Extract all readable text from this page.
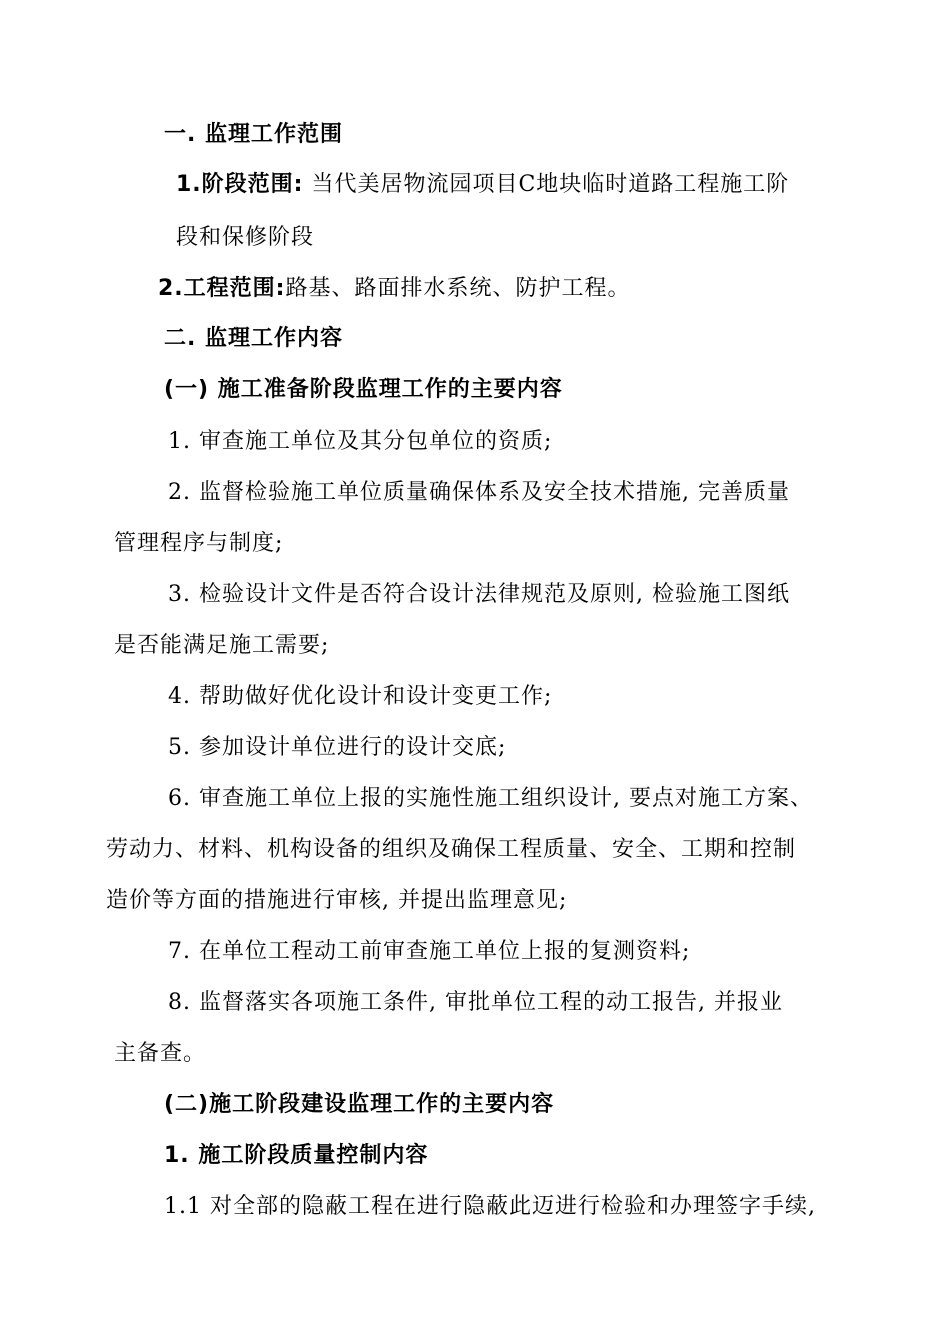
一. 监理工作范围
1.阶段范围: 当代美居物流园项目C地块临时道路工程施工阶
段和保修阶段
2.工程范围:路基、路面排水系统、防护工程。
二. 监理工作内容
(一) 施工准备阶段监理工作的主要内容
1. 审查施工单位及其分包单位的资质;
2. 监督检验施工单位质量确保体系及安全技术措施, 完善质量
管理程序与制度;
3. 检验设计文件是否符合设计法律规范及原则, 检验施工图纸
是否能满足施工需要;
4. 帮助做好优化设计和设计变更工作;
5. 参加设计单位进行的设计交底;
6. 审查施工单位上报的实施性施工组织设计, 要点对施工方案、
劳动力、材料、机构设备的组织及确保工程质量、安全、工期和控制
造价等方面的措施进行审核, 并提出监理意见;
7. 在单位工程动工前审查施工单位上报的复测资料;
8. 监督落实各项施工条件, 审批单位工程的动工报告, 并报业
主备查。
(二)施工阶段建设监理工作的主要内容
1. 施工阶段质量控制内容
1.1 对全部的隐蔽工程在进行隐蔽此迈进行检验和办理签字手续,
